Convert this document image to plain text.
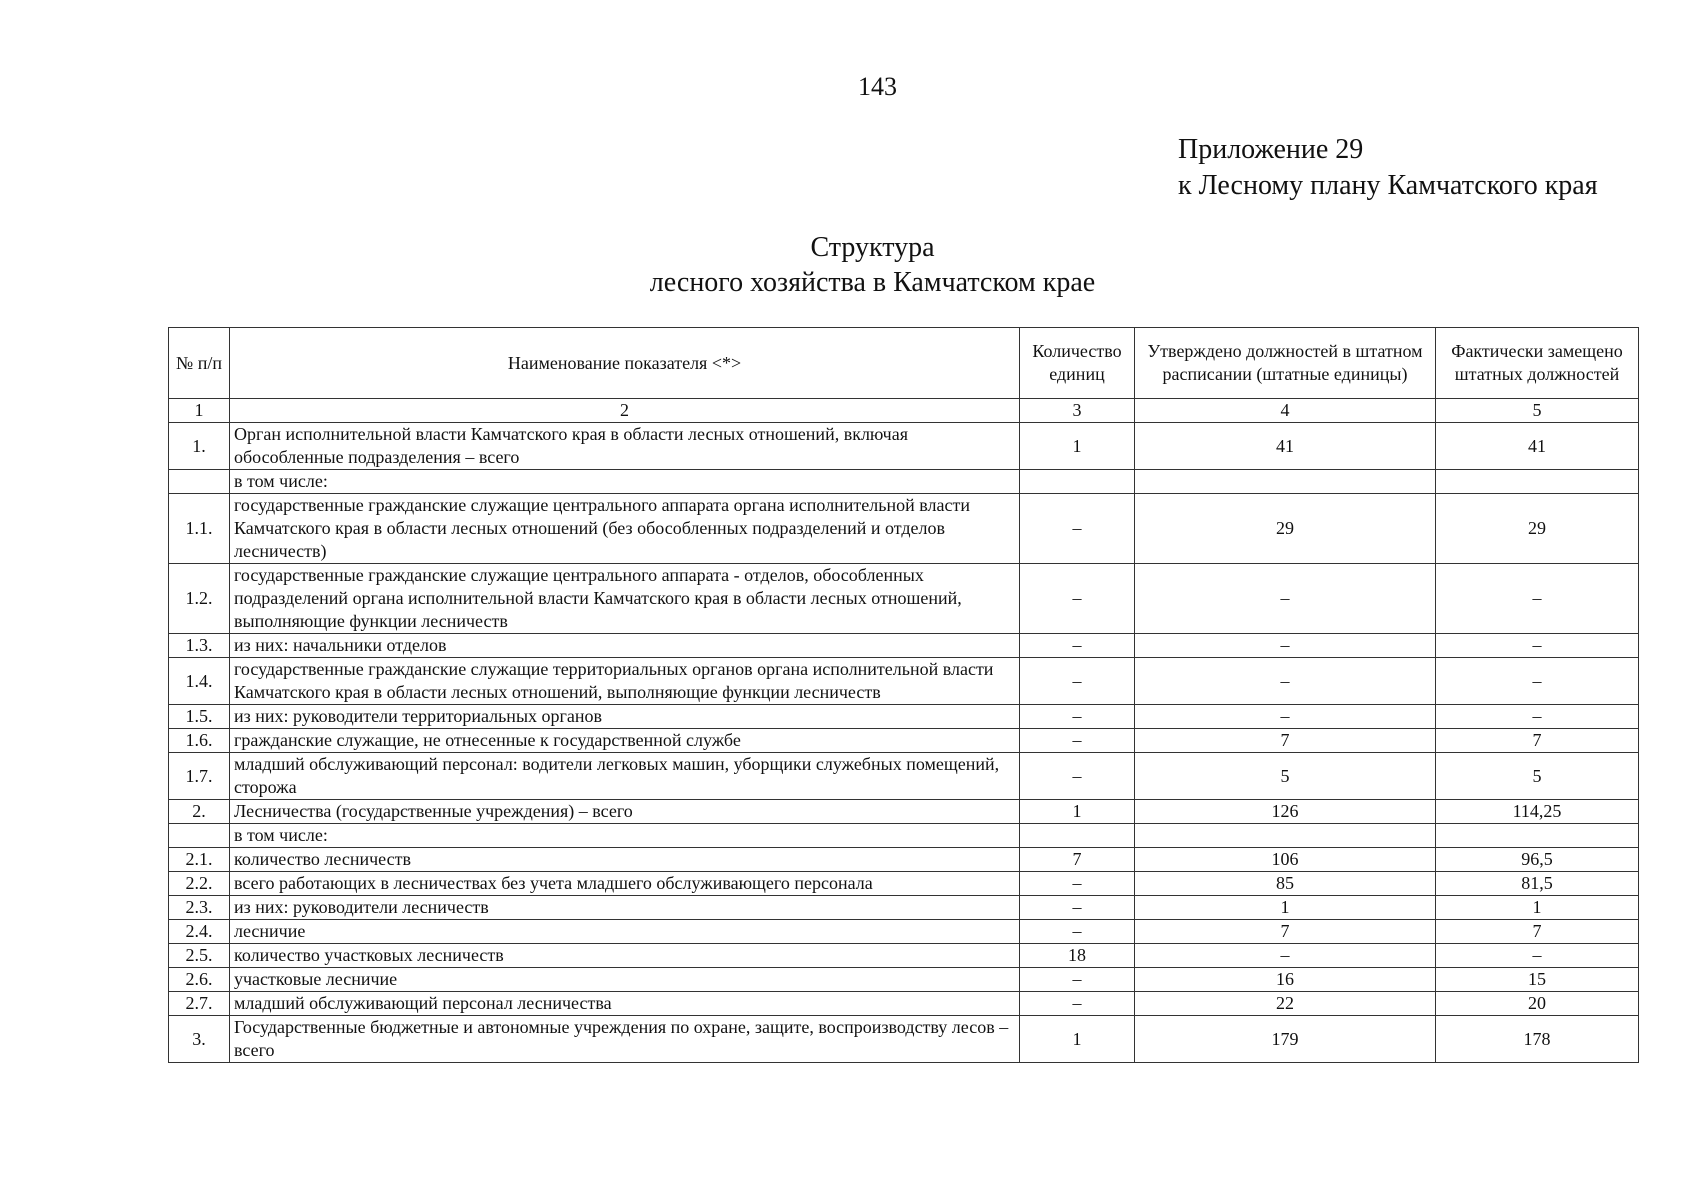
143
Приложение 29
к Лесному плану Камчатского края
Структура
лесного хозяйства в Камчатском крае
№ п/п	Наименование показателя <*>	Количество единиц	Утверждено должностей в штатном расписании (штатные единицы)	Фактически замещено штатных должностей
1	2	3	4	5
1.	Орган исполнительной власти Камчатского края в области лесных отношений, включая обособленные подразделения – всего	1	41	41
	в том числе:			
1.1.	государственные гражданские служащие центрального аппарата органа исполнительной власти Камчатского края в области лесных отношений (без обособленных подразделений и отделов лесничеств)	–	29	29
1.2.	государственные гражданские служащие центрального аппарата - отделов, обособленных подразделений органа исполнительной власти Камчатского края в области лесных отношений, выполняющие функции лесничеств	–	–	–
1.3.	из них: начальники отделов	–	–	–
1.4.	государственные гражданские служащие территориальных органов органа исполнительной власти Камчатского края в области лесных отношений, выполняющие функции лесничеств	–	–	–
1.5.	из них: руководители территориальных органов	–	–	–
1.6.	гражданские служащие, не отнесенные к государственной службе	–	7	7
1.7.	младший обслуживающий персонал: водители легковых машин, уборщики служебных помещений, сторожа	–	5	5
2.	Лесничества (государственные учреждения) – всего	1	126	114,25
	в том числе:			
2.1.	количество лесничеств	7	106	96,5
2.2.	всего работающих в лесничествах без учета младшего обслуживающего персонала	–	85	81,5
2.3.	из них: руководители лесничеств	–	1	1
2.4.	лесничие	–	7	7
2.5.	количество участковых лесничеств	18	–	–
2.6.	участковые лесничие	–	16	15
2.7.	младший обслуживающий персонал лесничества	–	22	20
3.	Государственные бюджетные и автономные учреждения по охране, защите, воспроизводству лесов – всего	1	179	178
